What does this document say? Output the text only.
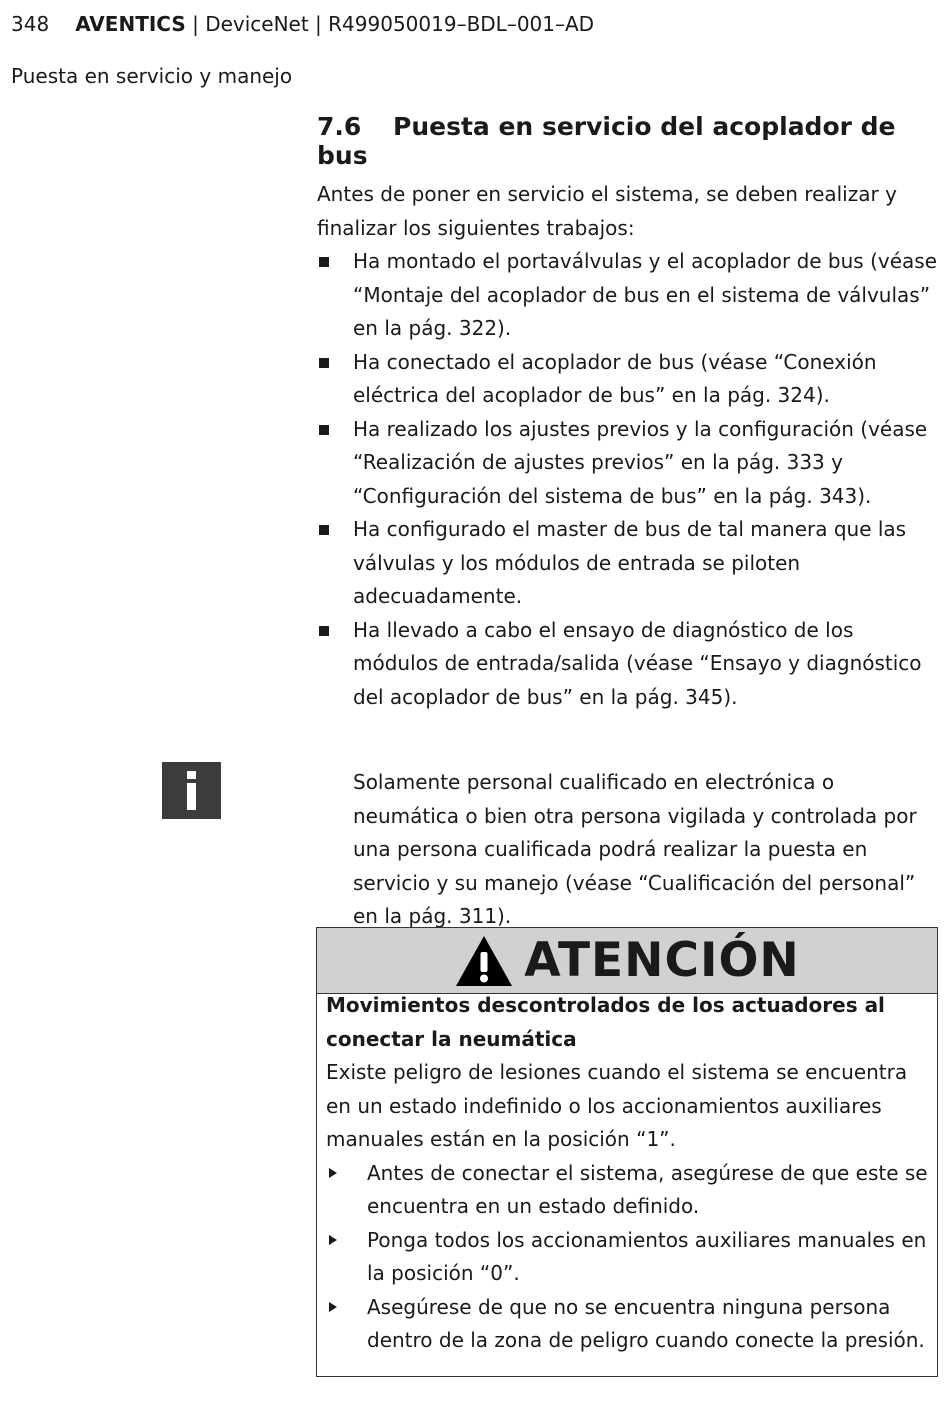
348 AVENTICS | DeviceNet | R499050019–BDL–001–AD
Puesta en servicio y manejo
7.6 Puesta en servicio del acoplador de bus

Antes de poner en servicio el sistema, se deben realizar y finalizar los siguientes trabajos:

Ha montado el portaválvulas y el acoplador de bus (véase “Montaje del acoplador de bus en el sistema de válvulas” en la pág. 322).
Ha conectado el acoplador de bus (véase “Conexión eléctrica del acoplador de bus” en la pág. 324).
Ha realizado los ajustes previos y la configuración (véase “Realización de ajustes previos” en la pág. 333 y “Configuración del sistema de bus” en la pág. 343).
Ha configurado el master de bus de tal manera que las válvulas y los módulos de entrada se piloten adecuadamente.
Ha llevado a cabo el ensayo de diagnóstico de los módulos de entrada/salida (véase “Ensayo y diagnóstico del acoplador de bus” en la pág. 345).

Solamente personal cualificado en electrónica o neumática o bien otra persona vigilada y controlada por una persona cualificada podrá realizar la puesta en servicio y su manejo (véase “Cualificación del personal” en la pág. 311).

ATENCIÓN

Movimientos descontrolados de los actuadores al conectar la neumática

Existe peligro de lesiones cuando el sistema se encuentra en un estado indefinido o los accionamientos auxiliares manuales están en la posición “1”.

Antes de conectar el sistema, asegúrese de que este se encuentra en un estado definido.
Ponga todos los accionamientos auxiliares manuales en la posición “0”.
Asegúrese de que no se encuentra ninguna persona dentro de la zona de peligro cuando conecte la presión.
